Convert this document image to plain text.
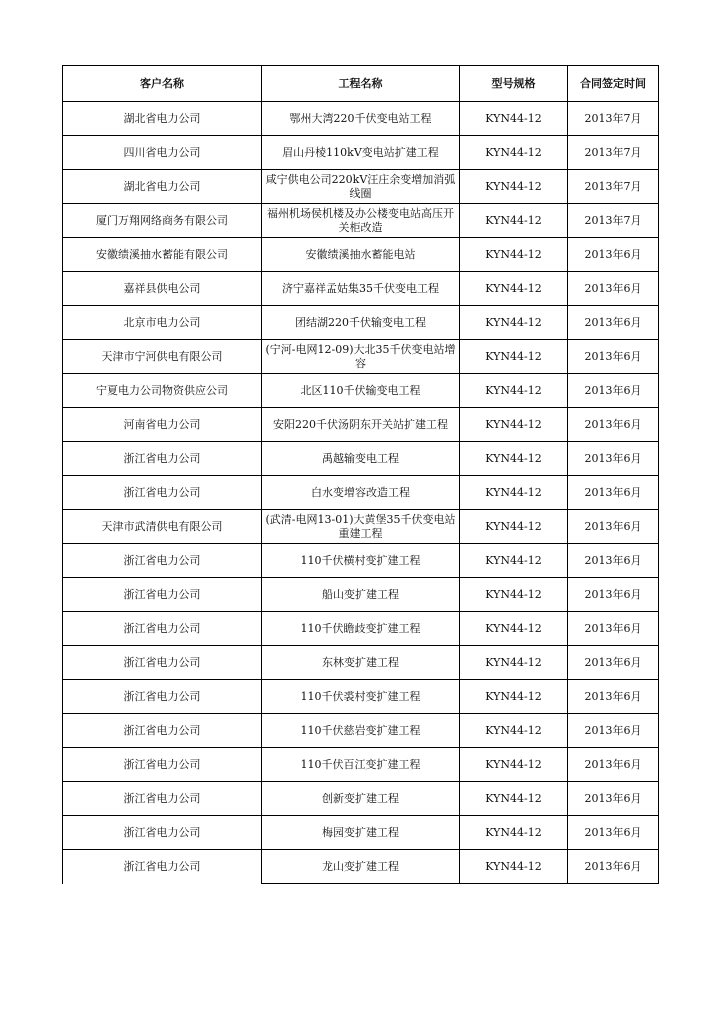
客户名称	工程名称	型号规格	合同签定时间
湖北省电力公司	鄂州大湾220千伏变电站工程	KYN44-12	2013年7月
四川省电力公司	眉山丹棱110kV变电站扩建工程	KYN44-12	2013年7月
湖北省电力公司	咸宁供电公司220kV汪庄余变增加消弧线圈	KYN44-12	2013年7月
厦门万翔网络商务有限公司	福州机场侯机楼及办公楼变电站高压开关柜改造	KYN44-12	2013年7月
安徽绩溪抽水蓄能有限公司	安徽绩溪抽水蓄能电站	KYN44-12	2013年6月
嘉祥县供电公司	济宁嘉祥孟姑集35千伏变电工程	KYN44-12	2013年6月
北京市电力公司	团结湖220千伏输变电工程	KYN44-12	2013年6月
天津市宁河供电有限公司	(宁河-电网12-09)大北35千伏变电站增容	KYN44-12	2013年6月
宁夏电力公司物资供应公司	北区110千伏输变电工程	KYN44-12	2013年6月
河南省电力公司	安阳220千伏汤阴东开关站扩建工程	KYN44-12	2013年6月
浙江省电力公司	禹越输变电工程	KYN44-12	2013年6月
浙江省电力公司	白水变增容改造工程	KYN44-12	2013年6月
天津市武清供电有限公司	(武清-电网13-01)大黄堡35千伏变电站重建工程	KYN44-12	2013年6月
浙江省电力公司	110千伏横村变扩建工程	KYN44-12	2013年6月
浙江省电力公司	船山变扩建工程	KYN44-12	2013年6月
浙江省电力公司	110千伏瞻歧变扩建工程	KYN44-12	2013年6月
浙江省电力公司	东林变扩建工程	KYN44-12	2013年6月
浙江省电力公司	110千伏裘村变扩建工程	KYN44-12	2013年6月
浙江省电力公司	110千伏慈岩变扩建工程	KYN44-12	2013年6月
浙江省电力公司	110千伏百江变扩建工程	KYN44-12	2013年6月
浙江省电力公司	创新变扩建工程	KYN44-12	2013年6月
浙江省电力公司	梅园变扩建工程	KYN44-12	2013年6月
浙江省电力公司	龙山变扩建工程	KYN44-12	2013年6月
